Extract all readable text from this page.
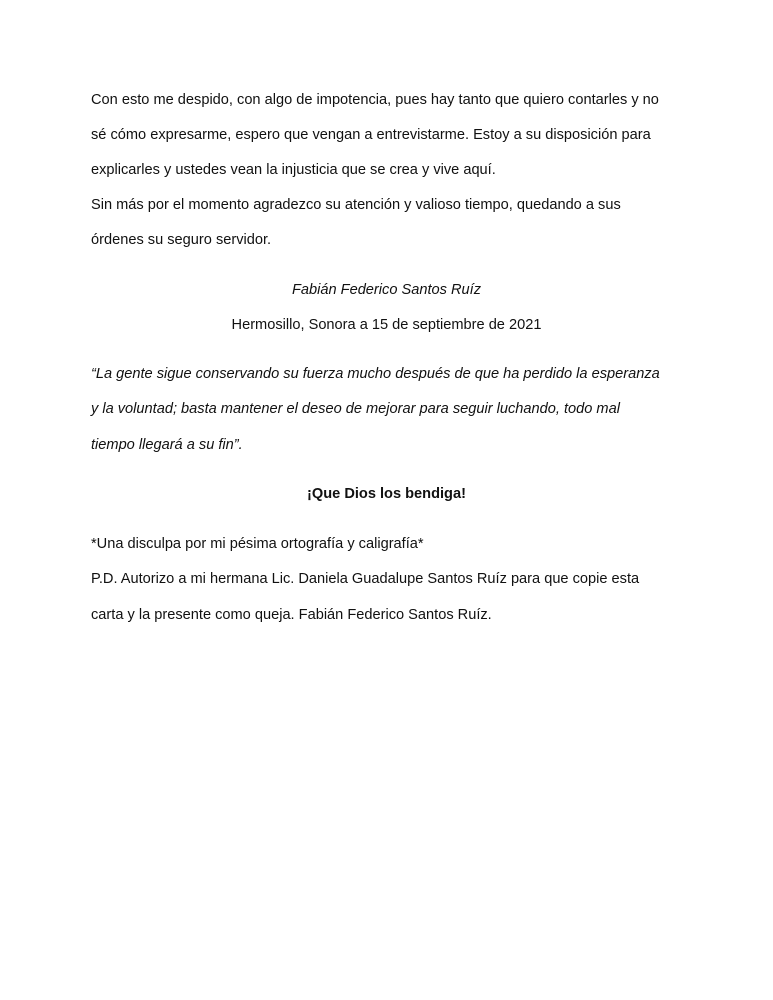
Con esto me despido, con algo de impotencia, pues hay tanto que quiero contarles y no
sé cómo expresarme, espero que vengan a entrevistarme. Estoy a su disposición para
explicarles y ustedes vean la injusticia que se crea y vive aquí.
Sin más por el momento agradezco su atención y valioso tiempo, quedando a sus
órdenes su seguro servidor.
Fabián Federico Santos Ruíz
Hermosillo, Sonora a 15 de septiembre de 2021
“La gente sigue conservando su fuerza mucho después de que ha perdido la esperanza
y la voluntad; basta mantener el deseo de mejorar para seguir luchando, todo mal
tiempo llegará a su fin”.
¡Que Dios los bendiga!
*Una disculpa por mi pésima ortografía y caligrafía*
P.D. Autorizo a mi hermana Lic. Daniela Guadalupe Santos Ruíz para que copie esta
carta y la presente como queja. Fabián Federico Santos Ruíz.
